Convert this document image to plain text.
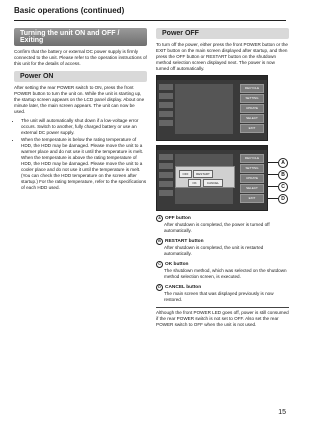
Basic operations (continued)
Turning the unit ON and OFF / Exiting

Confirm that the battery or external DC power supply is firmly connected to the unit. Please refer to the operation instructions of this unit for the details of access.

Power ON

After setting the rear POWER switch to ON, press the front POWER button to turn the unit on. While the unit is starting up, the startup screen appears on the LCD panel display. About one minute later, the main screen appears. The unit can now be used.

• The unit will automatically shut down if a low-voltage error occurs. Switch to another, fully charged battery or use an external DC power supply.
• When the temperature is below the rating temperature of HDD, the HDD may be damaged. Please move the unit to a warmer place and do not use it until the temperature is melt. When the temperature is above the rating temperature of HDD, the HDD may be damaged. Please move the unit to a cooler place and do not use it until the temperature is melt. (You can check the HDD temperature on the screen after startup.) For the rating temperature, refer to the specifications of each HDD used.
Power OFF

To turn off the power, either press the front POWER button or the EXIT button on the main screen displayed after startup, and then press the OFF button or RESTART button on the shutdown method selection screen displayed next. The power is now turned off automatically.

RECYCLE
SETTING
UPDATE
SELECT
EXIT
OFF	RESTART
OK	CANCEL
RECYCLE
SETTING
UPDATE
SELECT
EXIT
A
B
C
D
A OFF button
After shutdown is completed, the power is turned off automatically.
B RESTART button
After shutdown is completed, the unit is restarted automatically.
C OK button
The shutdown method, which was selected on the shutdown method selection screen, is executed.
D CANCEL button
The main screen that was displayed previously is now restored.
Although the front POWER LED goes off, power is still consumed if the rear POWER switch is not set to OFF. Also set the rear POWER switch to OFF when the unit is not used.
15
